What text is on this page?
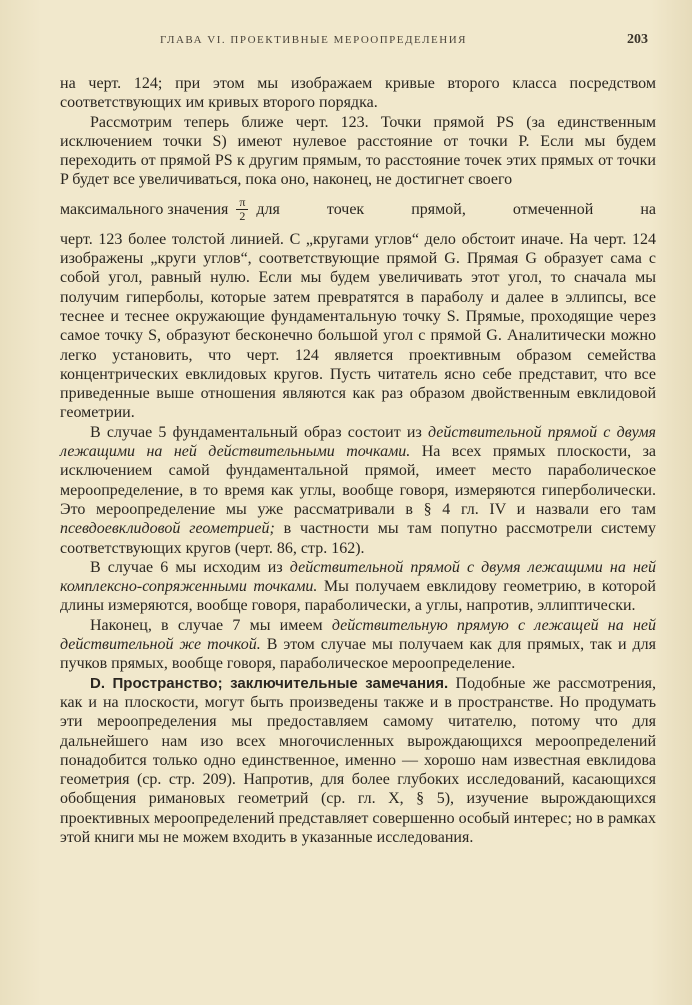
ГЛАВА VI. ПРОЕКТИВНЫЕ МЕРООПРЕДЕЛЕНИЯ	203

на черт. 124; при этом мы изображаем кривые второго класса посредством соответствующих им кривых второго порядка.

Рассмотрим теперь ближе черт. 123. Точки прямой PS (за единственным исключением точки S) имеют нулевое расстояние от точки P. Если мы будем переходить от прямой PS к другим прямым, то расстояние точек этих прямых от точки P будет все увеличиваться, пока оно, наконец, не достигнет своего

максимального значения $\frac{\pi}{2}$ для точек прямой, отмеченной на

черт. 123 более толстой линией. С „кругами углов“ дело обстоит иначе. На черт. 124 изображены „круги углов“, соответствующие прямой G. Прямая G образует сама с собой угол, равный нулю. Если мы будем увеличивать этот угол, то сначала мы получим гиперболы, которые затем превратятся в параболу и далее в эллипсы, все теснее и теснее окружающие фундаментальную точку S. Прямые, проходящие через самое точку S, образуют бесконечно большой угол с прямой G. Аналитически можно легко установить, что черт. 124 является проективным образом семейства концентрических евклидовых кругов. Пусть читатель ясно себе представит, что все приведенные выше отношения являются как раз образом двойственным евклидовой геометрии.

В случае 5 фундаментальный образ состоит из действительной прямой с двумя лежащими на ней действительными точками. На всех прямых плоскости, за исключением самой фундаментальной прямой, имеет место параболическое мероопределение, в то время как углы, вообще говоря, измеряются гиперболически. Это мероопределение мы уже рассматривали в § 4 гл. IV и назвали его там псевдоевклидовой геометрией; в частности мы там попутно рассмотрели систему соответствующих кругов (черт. 86, стр. 162).

В случае 6 мы исходим из действительной прямой с двумя лежащими на ней комплексно-сопряженными точками. Мы получаем евклидову геометрию, в которой длины измеряются, вообще говоря, параболически, а углы, напротив, эллиптически.

Наконец, в случае 7 мы имеем действительную прямую с лежащей на ней действительной же точкой. В этом случае мы получаем как для прямых, так и для пучков прямых, вообще говоря, параболическое мероопределение.

D. Пространство; заключительные замечания. Подобные же рассмотрения, как и на плоскости, могут быть произведены также и в пространстве. Но продумать эти мероопределения мы предоставляем самому читателю, потому что для дальнейшего нам изо всех многочисленных вырождающихся мероопределений понадобится только одно единственное, именно — хорошо нам известная евклидова геометрия (ср. стр. 209). Напротив, для более глубоких исследований, касающихся обобщения римановых геометрий (ср. гл. X, § 5), изучение вырождающихся проективных мероопределений представляет совершенно особый интерес; но в рамках этой книги мы не можем входить в указанные исследования.
